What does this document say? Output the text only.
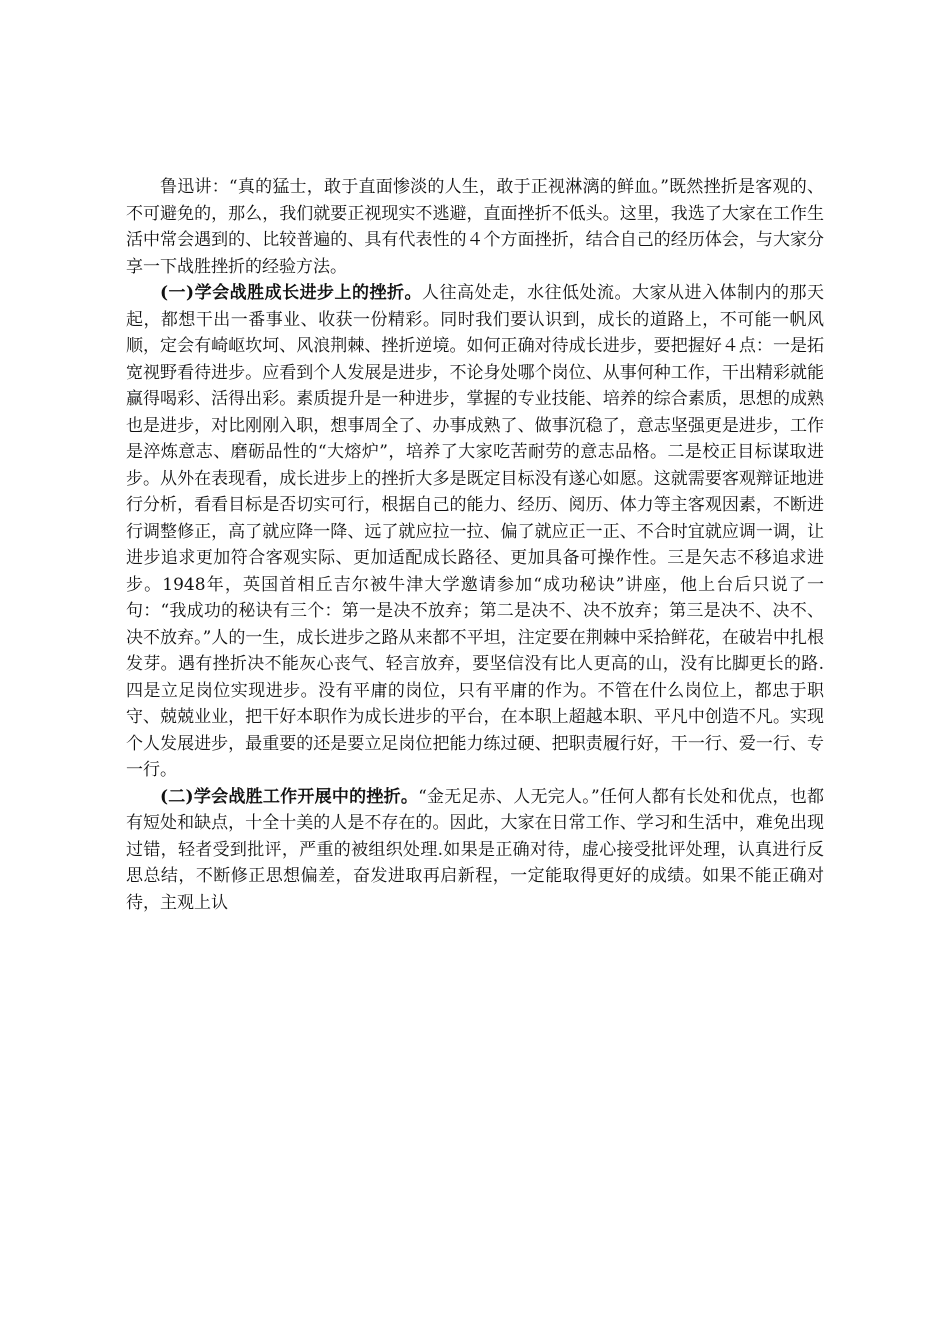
鲁迅讲：“真的猛士，敢于直面惨淡的人生，敢于正视淋漓的鲜血。”既然挫折是客观的、不可避免的，那么，我们就要正视现实不逃避，直面挫折不低头。这里，我选了大家在工作生活中常会遇到的、比较普遍的、具有代表性的４个方面挫折，结合自己的经历体会，与大家分享一下战胜挫折的经验方法。

(一)学会战胜成长进步上的挫折。人往高处走，水往低处流。大家从进入体制内的那天起，都想干出一番事业、收获一份精彩。同时我们要认识到，成长的道路上，不可能一帆风顺，定会有崎岖坎坷、风浪荆棘、挫折逆境。如何正确对待成长进步，要把握好４点：一是拓宽视野看待进步。应看到个人发展是进步，不论身处哪个岗位、从事何种工作，干出精彩就能赢得喝彩、活得出彩。素质提升是一种进步，掌握的专业技能、培养的综合素质，思想的成熟也是进步，对比刚刚入职，想事周全了、办事成熟了、做事沉稳了，意志坚强更是进步，工作是淬炼意志、磨砺品性的“大熔炉”，培养了大家吃苦耐劳的意志品格。二是校正目标谋取进步。从外在表现看，成长进步上的挫折大多是既定目标没有遂心如愿。这就需要客观辩证地进行分析，看看目标是否切实可行，根据自己的能力、经历、阅历、体力等主客观因素，不断进行调整修正，高了就应降一降、远了就应拉一拉、偏了就应正一正、不合时宜就应调一调，让进步追求更加符合客观实际、更加适配成长路径、更加具备可操作性。三是矢志不移追求进步。1948年，英国首相丘吉尔被牛津大学邀请参加“成功秘诀”讲座，他上台后只说了一句：“我成功的秘诀有三个：第一是决不放弃；第二是决不、决不放弃；第三是决不、决不、决不放弃。”人的一生，成长进步之路从来都不平坦，注定要在荆棘中采拾鲜花，在破岩中扎根发芽。遇有挫折决不能灰心丧气、轻言放弃，要坚信没有比人更高的山，没有比脚更长的路.四是立足岗位实现进步。没有平庸的岗位，只有平庸的作为。不管在什么岗位上，都忠于职守、兢兢业业，把干好本职作为成长进步的平台，在本职上超越本职、平凡中创造不凡。实现个人发展进步，最重要的还是要立足岗位把能力练过硬、把职责履行好，干一行、爱一行、专一行。

(二)学会战胜工作开展中的挫折。“金无足赤、人无完人。”任何人都有长处和优点，也都有短处和缺点，十全十美的人是不存在的。因此，大家在日常工作、学习和生活中，难免出现过错，轻者受到批评，严重的被组织处理.如果是正确对待，虚心接受批评处理，认真进行反思总结，不断修正思想偏差，奋发进取再启新程，一定能取得更好的成绩。如果不能正确对待，主观上认
